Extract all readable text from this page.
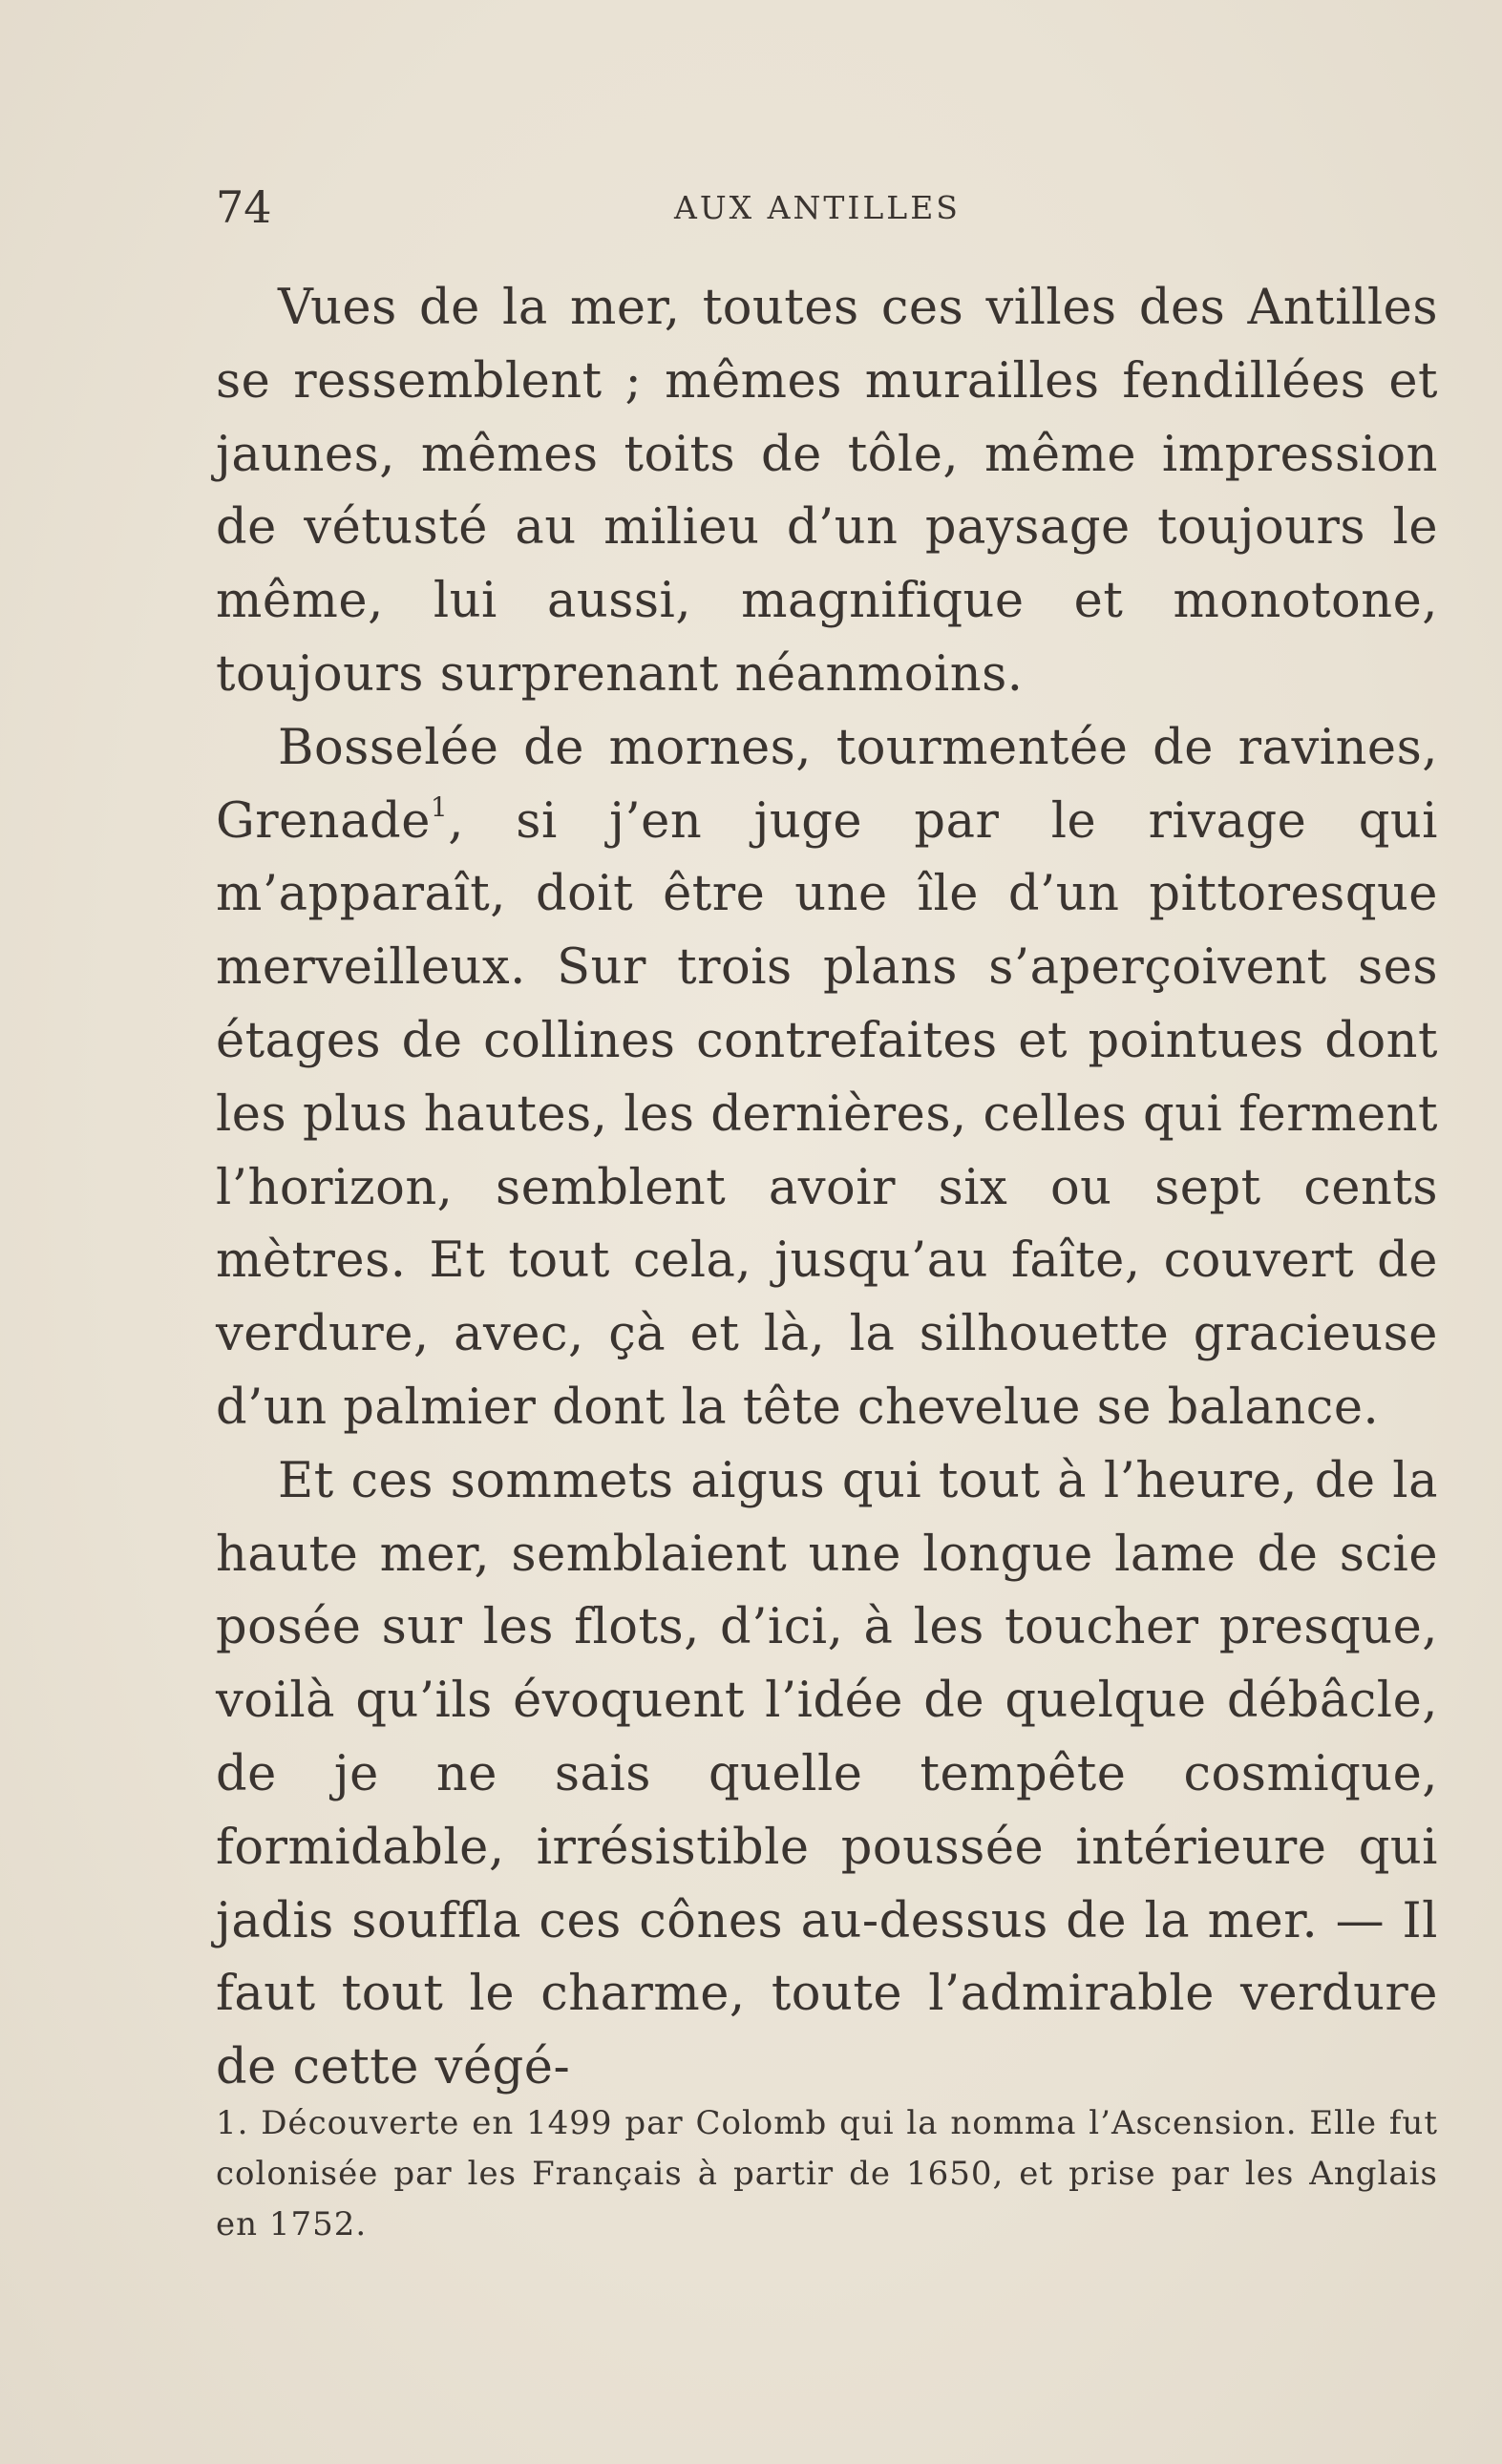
74	AUX ANTILLES

Vues de la mer, toutes ces villes des Antilles se ressemblent ; mêmes murailles fendillées et jaunes, mêmes toits de tôle, même impression de vétusté au milieu d’un paysage toujours le même, lui aussi, magnifique et monotone, toujours surprenant néanmoins.

Bosselée de mornes, tourmentée de ravines, Grenade$^1$, si j’en juge par le rivage qui m’apparaît, doit être une île d’un pittoresque merveilleux. Sur trois plans s’aperçoivent ses étages de collines contrefaites et pointues dont les plus hautes, les dernières, celles qui ferment l’horizon, semblent avoir six ou sept cents mètres. Et tout cela, jusqu’au faîte, couvert de verdure, avec, çà et là, la silhouette gracieuse d’un palmier dont la tête chevelue se balance.

Et ces sommets aigus qui tout à l’heure, de la haute mer, semblaient une longue lame de scie posée sur les flots, d’ici, à les toucher presque, voilà qu’ils évoquent l’idée de quelque débâcle, de je ne sais quelle tempête cosmique, formidable, irrésistible poussée intérieure qui jadis souffla ces cônes au-dessus de la mer. — Il faut tout le charme, toute l’admirable verdure de cette végé-

1. Découverte en 1499 par Colomb qui la nomma l’Ascension. Elle fut colonisée par les Français à partir de 1650, et prise par les Anglais en 1752.
